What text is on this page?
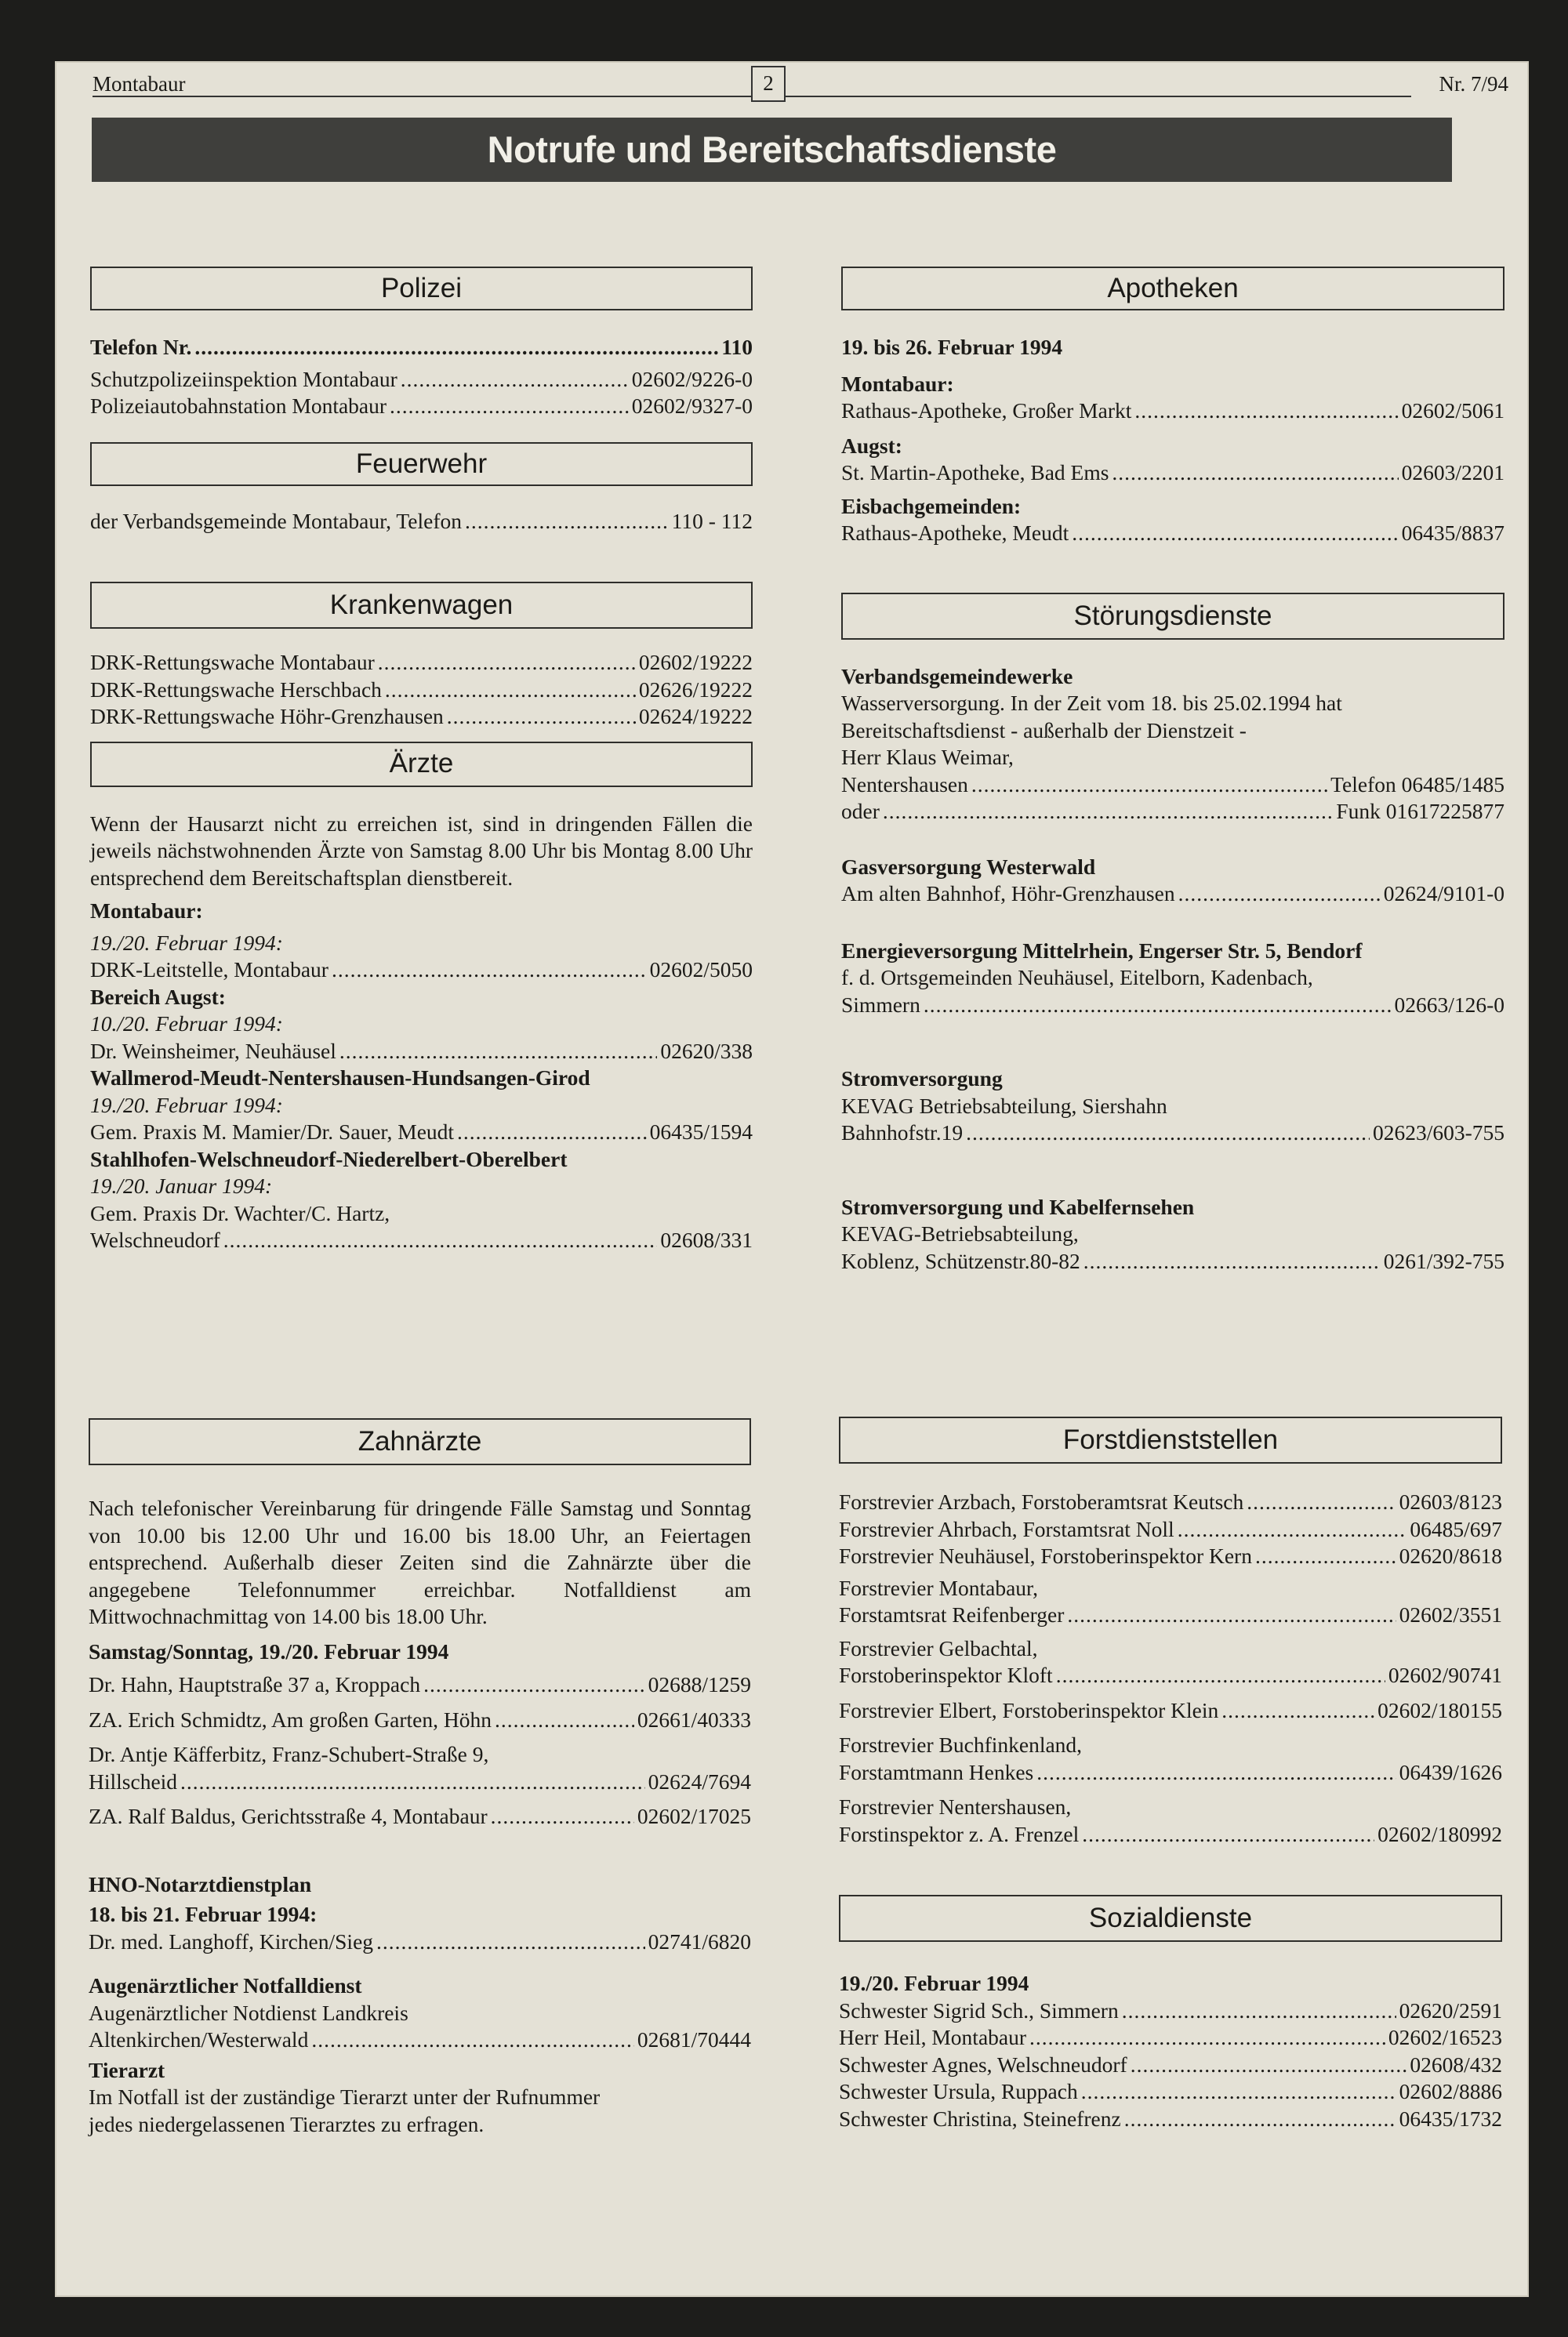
Montabaur	2	Nr. 7/94
Notrufe und Bereitschaftsdienste
Polizei
Telefon Nr. .....	110
Schutzpolizeiinspektion Montabaur .....	02602/9226-0
Polizeiautobahnstation Montabaur .....	02602/9327-0
Feuerwehr
der Verbandsgemeinde Montabaur, Telefon .....	110 - 112
Krankenwagen
DRK-Rettungswache Montabaur .....	02602/19222
DRK-Rettungswache Herschbach .....	02626/19222
DRK-Rettungswache Höhr-Grenzhausen .....	02624/19222
Ärzte
Wenn der Hausarzt nicht zu erreichen ist, sind in dringenden Fällen die jeweils nächstwohnenden Ärzte von Samstag 8.00 Uhr bis Montag 8.00 Uhr entsprechend dem Bereitschaftsplan dienstbereit.
Montabaur:
19./20. Februar 1994:
DRK-Leitstelle, Montabaur .....	02602/5050
Bereich Augst:
10./20. Februar 1994:
Dr. Weinsheimer, Neuhäusel .....	02620/338
Wallmerod-Meudt-Nentershausen-Hundsangen-Girod
19./20. Februar 1994:
Gem. Praxis M. Mamier/Dr. Sauer, Meudt .....	06435/1594
Stahlhofen-Welschneudorf-Niederelbert-Oberelbert
19./20. Januar 1994:
Gem. Praxis Dr. Wachter/C. Hartz,
Welschneudorf .....	02608/331
Zahnärzte
Nach telefonischer Vereinbarung für dringende Fälle Samstag und Sonntag von 10.00 bis 12.00 Uhr und 16.00 bis 18.00 Uhr, an Feiertagen entsprechend. Außerhalb dieser Zeiten sind die Zahnärzte über die angegebene Telefonnummer erreichbar. Notfalldienst am Mittwochnachmittag von 14.00 bis 18.00 Uhr.
Samstag/Sonntag, 19./20. Februar 1994
Dr. Hahn, Hauptstraße 37 a, Kroppach .....	02688/1259
ZA. Erich Schmidtz, Am großen Garten, Höhn .....	02661/40333
Dr. Antje Käfferbitz, Franz-Schubert-Straße 9,
Hillscheid .....	02624/7694
ZA. Ralf Baldus, Gerichtsstraße 4, Montabaur .....	02602/17025
HNO-Notarztdienstplan
18. bis 21. Februar 1994:
Dr. med. Langhoff, Kirchen/Sieg .....	02741/6820
Augenärztlicher Notfalldienst
Augenärztlicher Notdienst Landkreis
Altenkirchen/Westerwald .....	02681/70444
Tierarzt
Im Notfall ist der zuständige Tierarzt unter der Rufnummer
jedes niedergelassenen Tierarztes zu erfragen.
Apotheken
19. bis 26. Februar 1994
Montabaur:
Rathaus-Apotheke, Großer Markt .....	02602/5061
Augst:
St. Martin-Apotheke, Bad Ems .....	02603/2201
Eisbachgemeinden:
Rathaus-Apotheke, Meudt .....	06435/8837
Störungsdienste
Verbandsgemeindewerke
Wasserversorgung. In der Zeit vom 18. bis 25.02.1994 hat
Bereitschaftsdienst - außerhalb der Dienstzeit -
Herr Klaus Weimar,
Nentershausen .....	Telefon 06485/1485
oder .....	Funk 01617225877
Gasversorgung Westerwald
Am alten Bahnhof, Höhr-Grenzhausen .....	02624/9101-0
Energieversorgung Mittelrhein, Engerser Str. 5, Bendorf
f. d. Ortsgemeinden Neuhäusel, Eitelborn, Kadenbach,
Simmern .....	02663/126-0
Stromversorgung
KEVAG Betriebsabteilung, Siershahn
Bahnhofstr.19 .....	02623/603-755
Stromversorgung und Kabelfernsehen
KEVAG-Betriebsabteilung,
Koblenz, Schützenstr.80-82 .....	0261/392-755
Forstdienststellen
Forstrevier Arzbach, Forstoberamtsrat Keutsch .....	02603/8123
Forstrevier Ahrbach, Forstamtsrat Noll .....	06485/697
Forstrevier Neuhäusel, Forstoberinspektor Kern .....	02620/8618
Forstrevier Montabaur,
Forstamtsrat Reifenberger .....	02602/3551
Forstrevier Gelbachtal,
Forstoberinspektor Kloft .....	02602/90741
Forstrevier Elbert, Forstoberinspektor Klein .....	02602/180155
Forstrevier Buchfinkenland,
Forstamtmann Henkes .....	06439/1626
Forstrevier Nentershausen,
Forstinspektor z. A. Frenzel .....	02602/180992
Sozialdienste
19./20. Februar 1994
Schwester Sigrid Sch., Simmern .....	02620/2591
Herr Heil, Montabaur .....	02602/16523
Schwester Agnes, Welschneudorf .....	02608/432
Schwester Ursula, Ruppach .....	02602/8886
Schwester Christina, Steinefrenz .....	06435/1732
